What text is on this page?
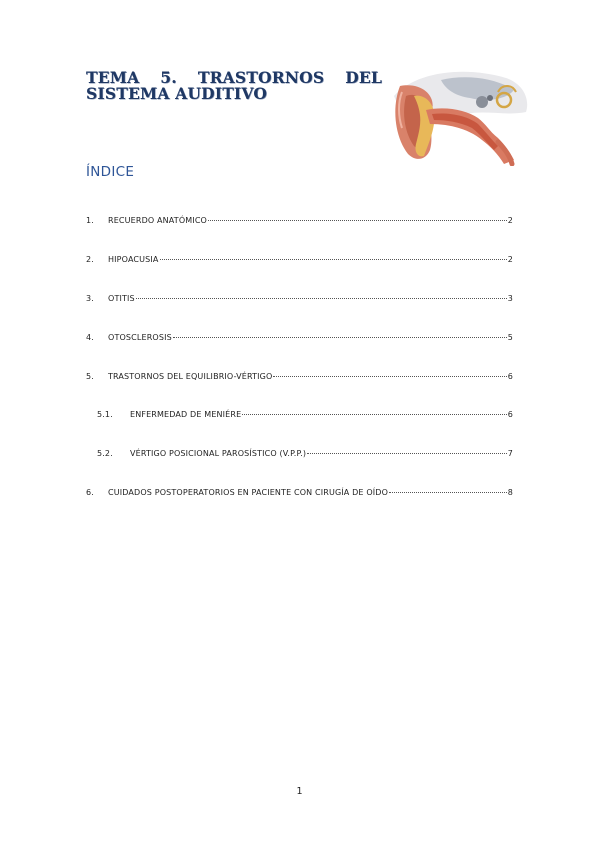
TEMA 5. TRASTORNOS DEL
SISTEMA AUDITIVO
ÍNDICE
1.	RECUERDO ANATÓMICO	2
2.	HIPOACUSIA	2
3.	OTITIS	3
4.	OTOSCLEROSIS	5
5.	TRASTORNOS DEL EQUILIBRIO-VÉRTIGO	6
5.1.	ENFERMEDAD DE MENIÉRE	6
5.2.	VÉRTIGO POSICIONAL PAROSÍSTICO (V.P.P.)	7
6.	CUIDADOS POSTOPERATORIOS EN PACIENTE CON CIRUGÍA DE OÍDO	8
1
